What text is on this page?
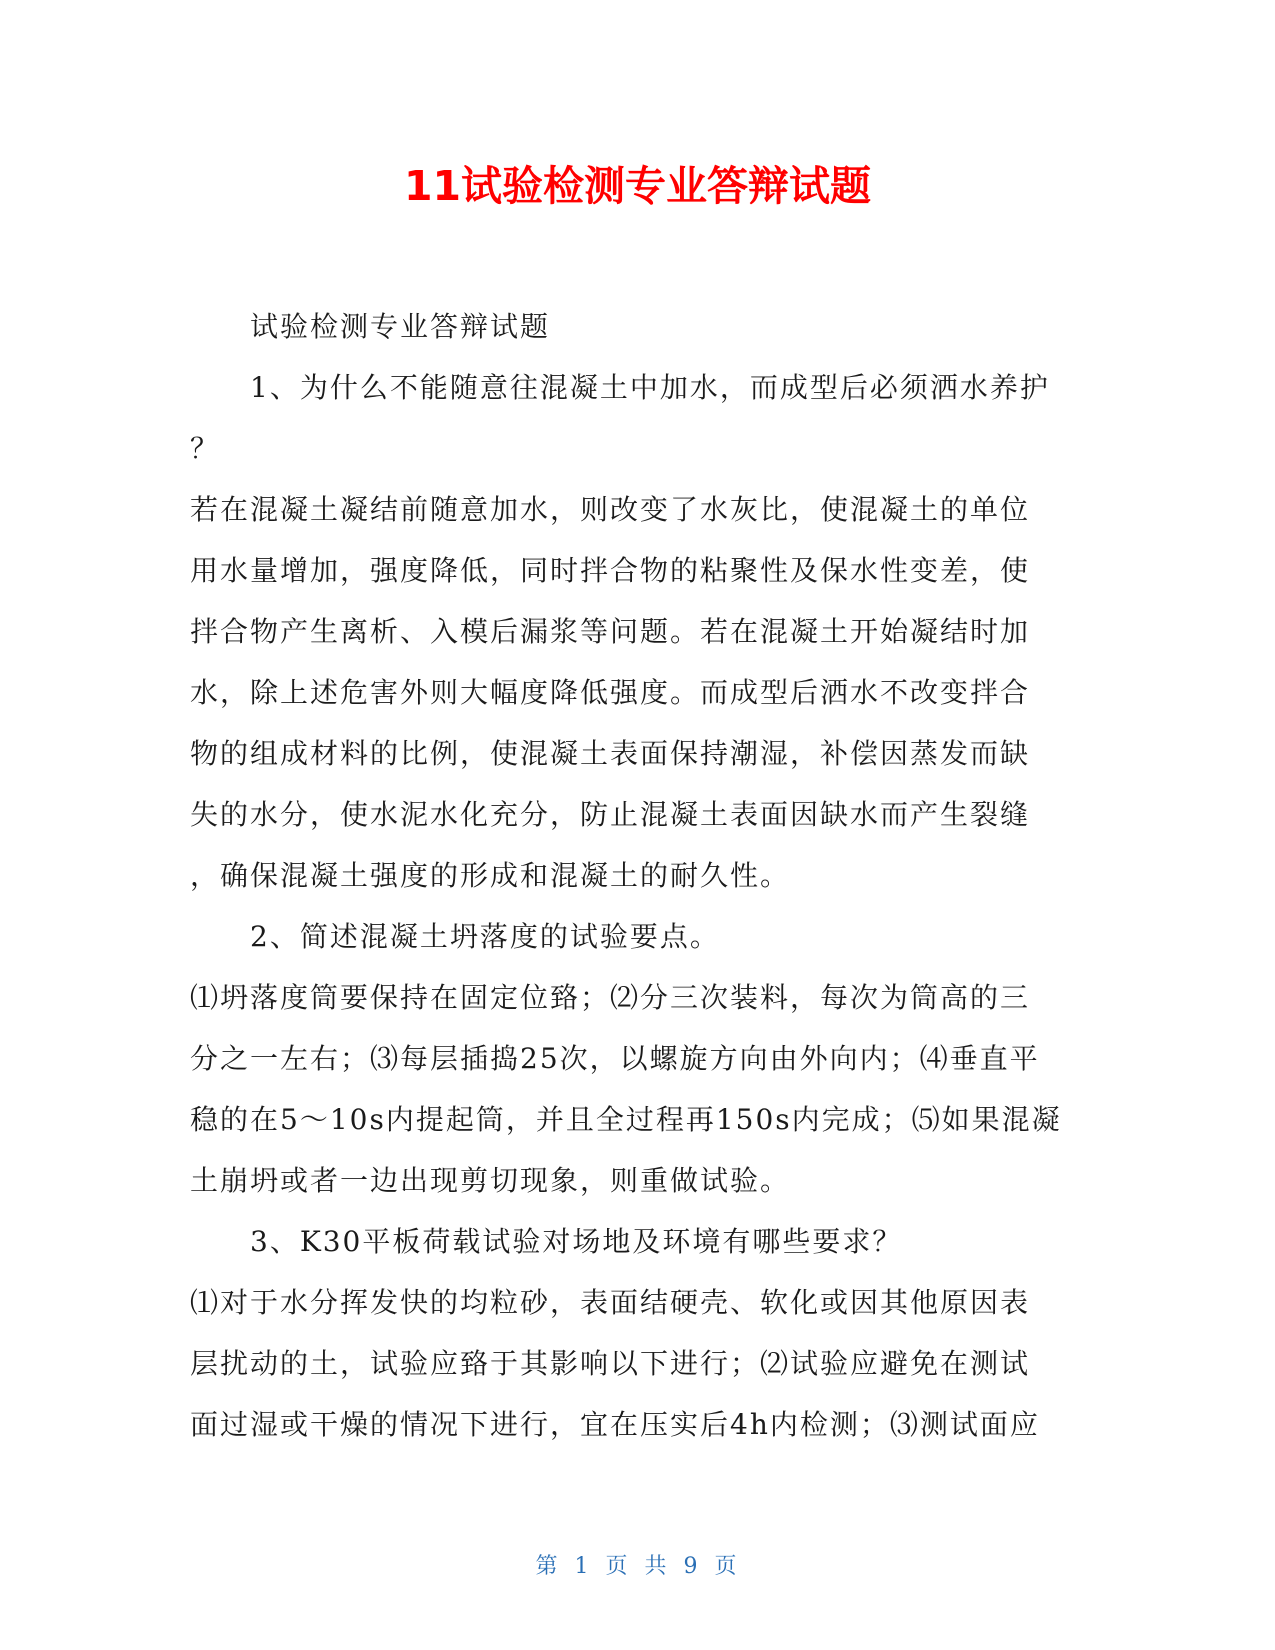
11试验检测专业答辩试题

试验检测专业答辩试题

1、为什么不能随意往混凝土中加水，而成型后必须洒水养护

？

若在混凝土凝结前随意加水，则改变了水灰比，使混凝土的单位

用水量增加，强度降低，同时拌合物的粘聚性及保水性变差，使

拌合物产生离析、入模后漏浆等问题。若在混凝土开始凝结时加

水，除上述危害外则大幅度降低强度。而成型后洒水不改变拌合

物的组成材料的比例，使混凝土表面保持潮湿，补偿因蒸发而缺

失的水分，使水泥水化充分，防止混凝土表面因缺水而产生裂缝

，确保混凝土强度的形成和混凝土的耐久性。

2、简述混凝土坍落度的试验要点。

⑴坍落度筒要保持在固定位臵；⑵分三次装料，每次为筒高的三

分之一左右；⑶每层插捣25次，以螺旋方向由外向内；⑷垂直平

稳的在5～10s内提起筒，并且全过程再150s内完成；⑸如果混凝

土崩坍或者一边出现剪切现象，则重做试验。

3、K30平板荷载试验对场地及环境有哪些要求？

⑴对于水分挥发快的均粒砂，表面结硬壳、软化或因其他原因表

层扰动的土，试验应臵于其影响以下进行；⑵试验应避免在测试

面过湿或干燥的情况下进行，宜在压实后4h内检测；⑶测试面应

第 1 页 共 9 页
